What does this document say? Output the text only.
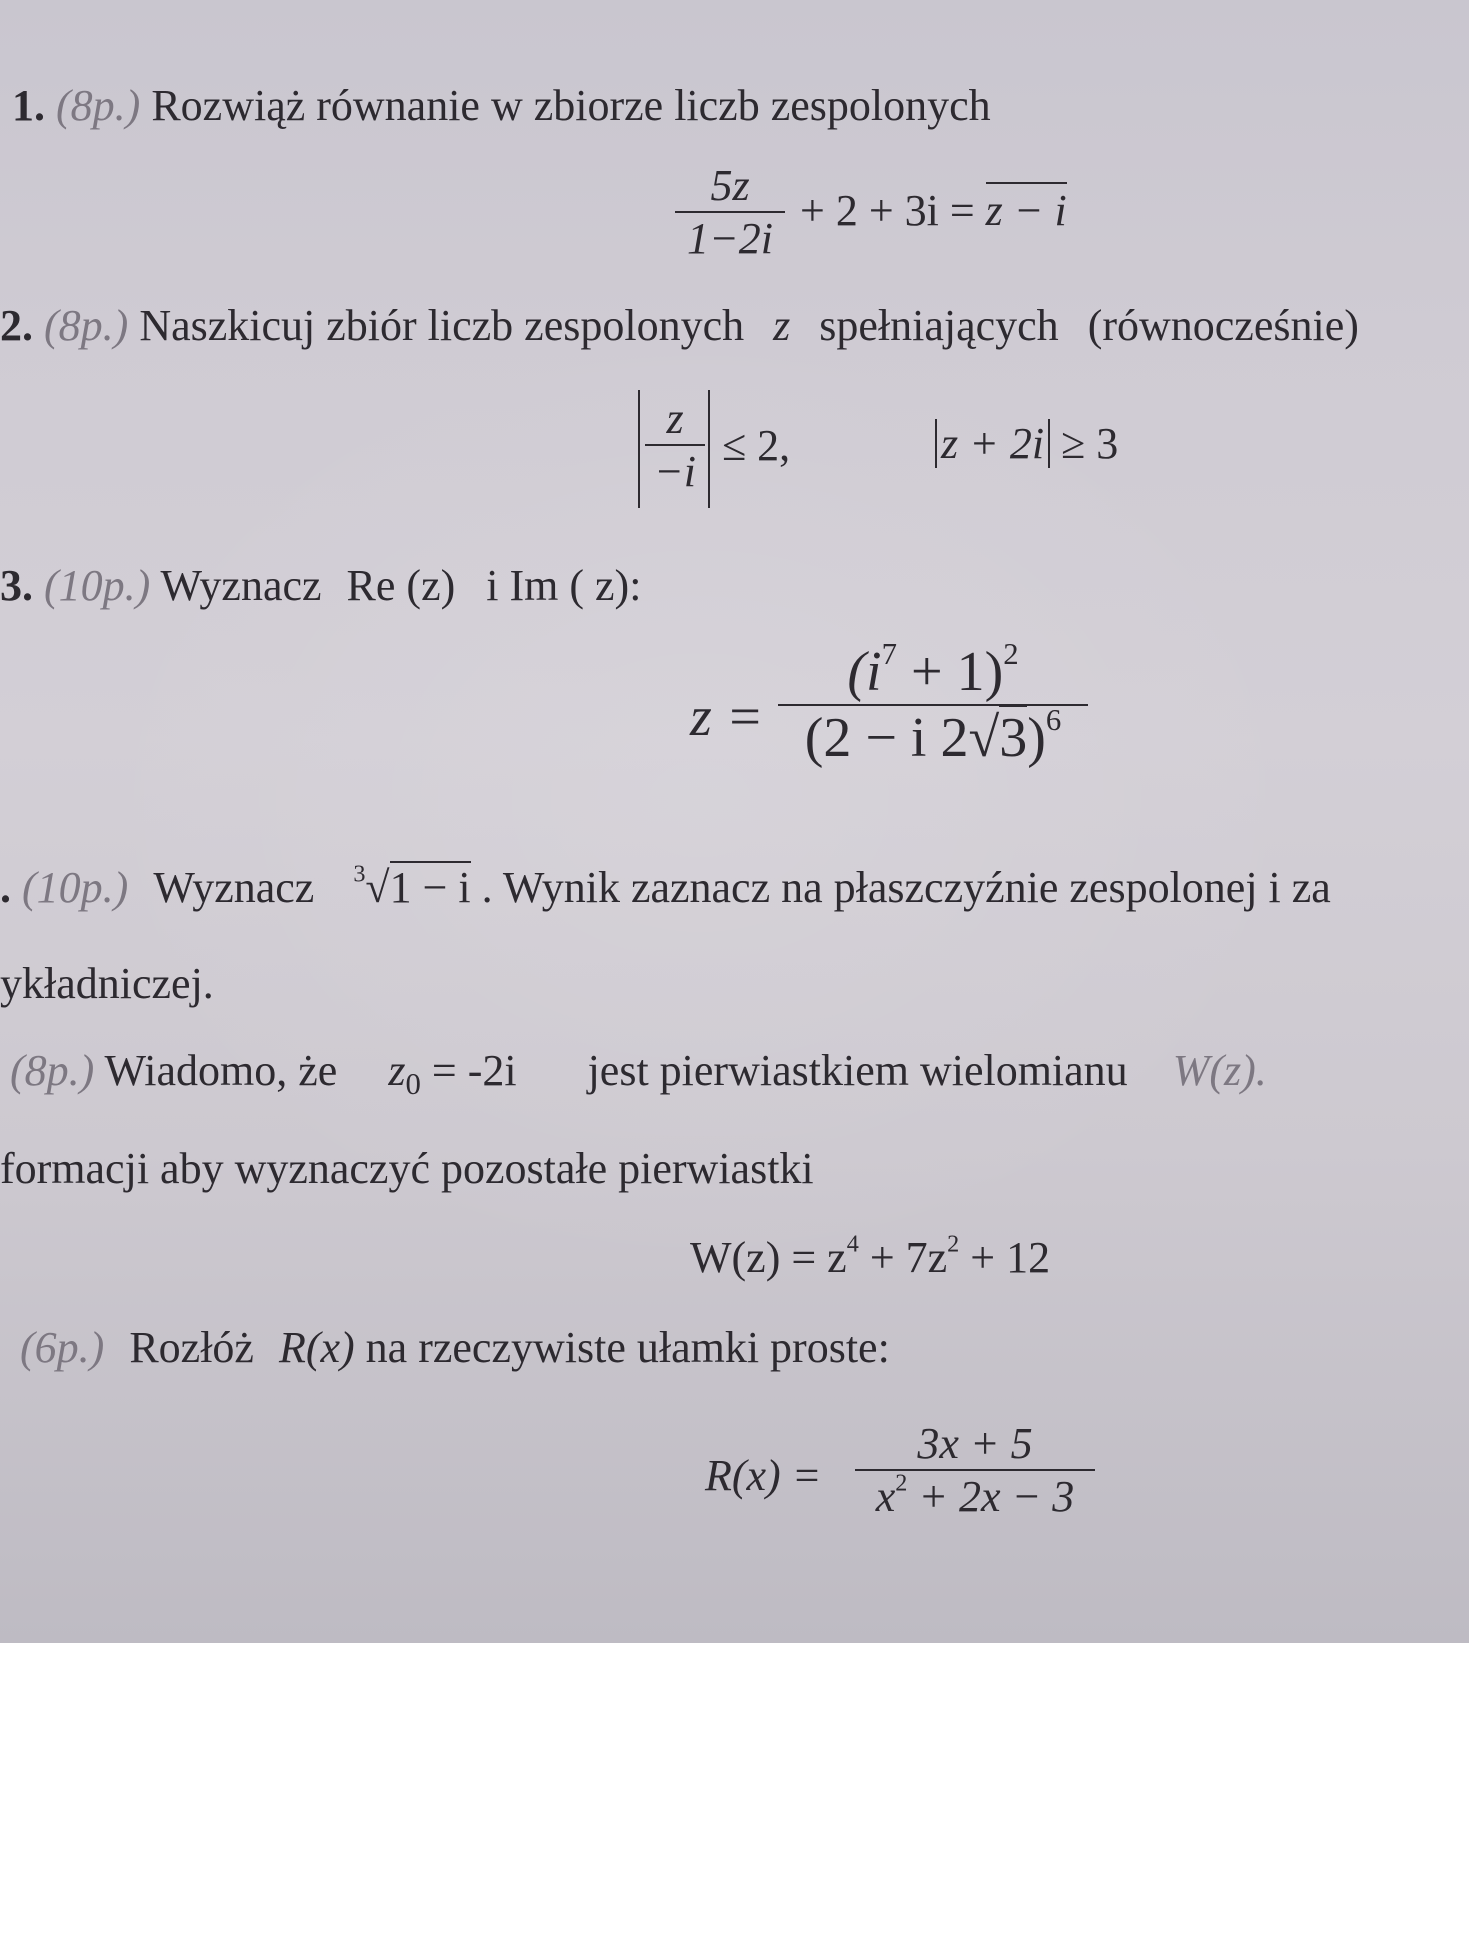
1. (8p.) Rozwiąż równanie w zbiorze liczb zespolonych
5z
1−2i
+ 2 + 3i = z − i
2. (8p.) Naszkicuj zbiór liczb zespolonych z spełniających (równocześnie)
z
−i
≤ 2,	z + 2i ≥ 3
3. (10p.) Wyznacz Re (z) i Im ( z):
z =
$(i^7 + 1)^2$
(2 − i 2√3)$^6$
. (10p.) Wyznacz $^3$√1 − i . Wynik zaznacz na płaszczyźnie zespolonej i za
ykładniczej.
(8p.) Wiadomo, że $z_0 = -2i$ jest pierwiastkiem wielomianu W(z).
formacji aby wyznaczyć pozostałe pierwiastki
$W(z) = z^4 + 7z^2 + 12$
(6p.) Rozłóż R(x) na rzeczywiste ułamki proste:
R(x) =
3x + 5
$x^2 + 2x - 3$
